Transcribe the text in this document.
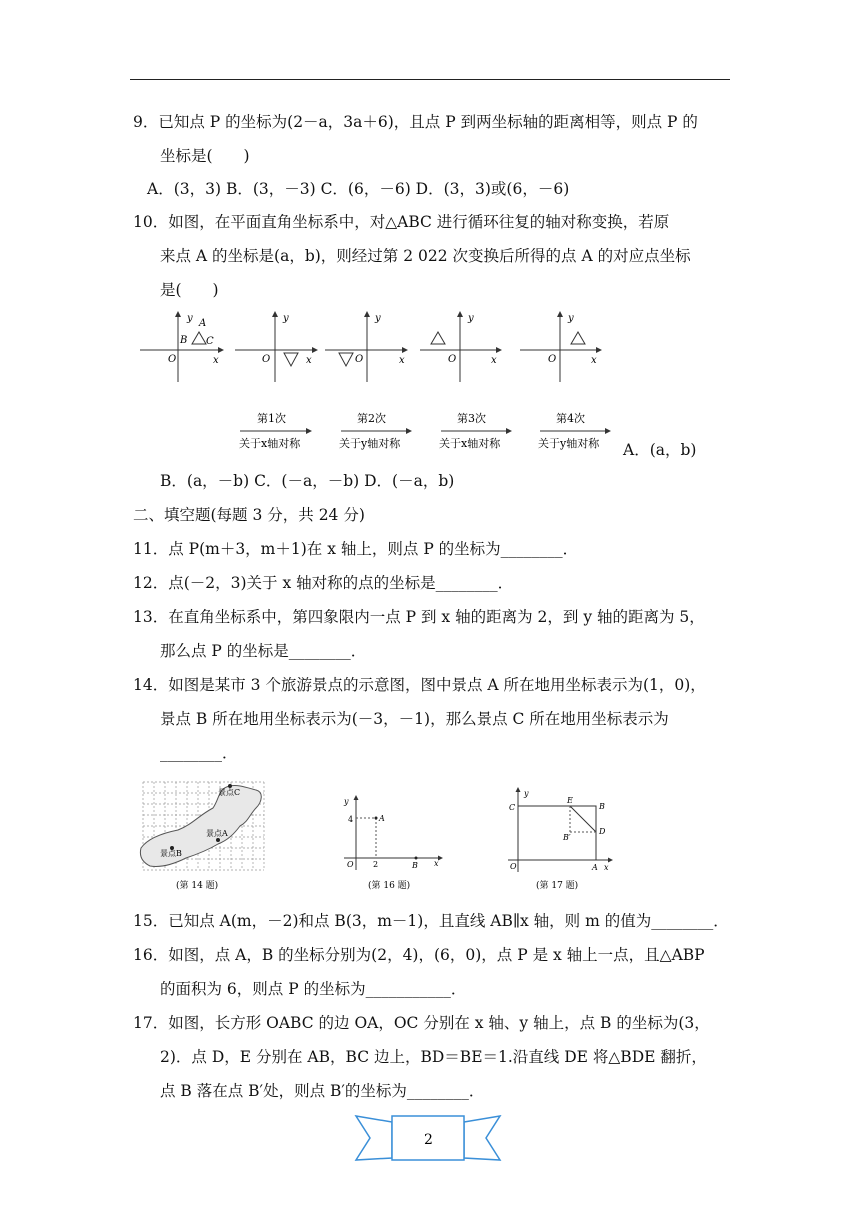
9．已知点 P 的坐标为(2－a，3a＋6)，且点 P 到两坐标轴的距离相等，则点 P 的
坐标是(　　)
A．(3，3) B．(3，－3) C．(6，－6) D．(3，3)或(6，－6)
10．如图，在平面直角坐标系中，对△ABC 进行循环往复的轴对称变换，若原
来点 A 的坐标是(a，b)，则经过第 2 022 次变换后所得的点 A 的对应点坐标
是(　　)
y A
B C
O	x
y
O	x
y
O	x
y
O	x
y
O	x
第1次
关于x轴对称
第2次
关于y轴对称
第3次
关于x轴对称
第4次
关于y轴对称 A．(a，b)
B．(a，－b) C．(－a，－b) D．(－a，b)
二、填空题(每题 3 分，共 24 分)
11．点 P(m＋3，m＋1)在 x 轴上，则点 P 的坐标为________．
12．点(－2，3)关于 x 轴对称的点的坐标是________．
13．在直角坐标系中，第四象限内一点 P 到 x 轴的距离为 2，到 y 轴的距离为 5，
那么点 P 的坐标是________．
14．如图是某市 3 个旅游景点的示意图，图中景点 A 所在地用坐标表示为(1，0)，
景点 B 所在地用坐标表示为(－3，－1)，那么景点 C 所在地用坐标表示为
________．
景点C
景点A
景点B
(第 14 题)
y
4	A
O 2	B x
(第 16 题)
y
C
E
B
D
B′
O	A x
(第 17 题)
15．已知点 A(m，－2)和点 B(3，m－1)，且直线 AB∥x 轴，则 m 的值为________．
16．如图，点 A，B 的坐标分别为(2，4)，(6，0)，点 P 是 x 轴上一点，且△ABP
的面积为 6，则点 P 的坐标为___________．
17．如图，长方形 OABC 的边 OA，OC 分别在 x 轴、y 轴上，点 B 的坐标为(3，
2)．点 D，E 分别在 AB，BC 边上，BD＝BE＝1.沿直线 DE 将△BDE 翻折，
点 B 落在点 B′处，则点 B′的坐标为________．
2
